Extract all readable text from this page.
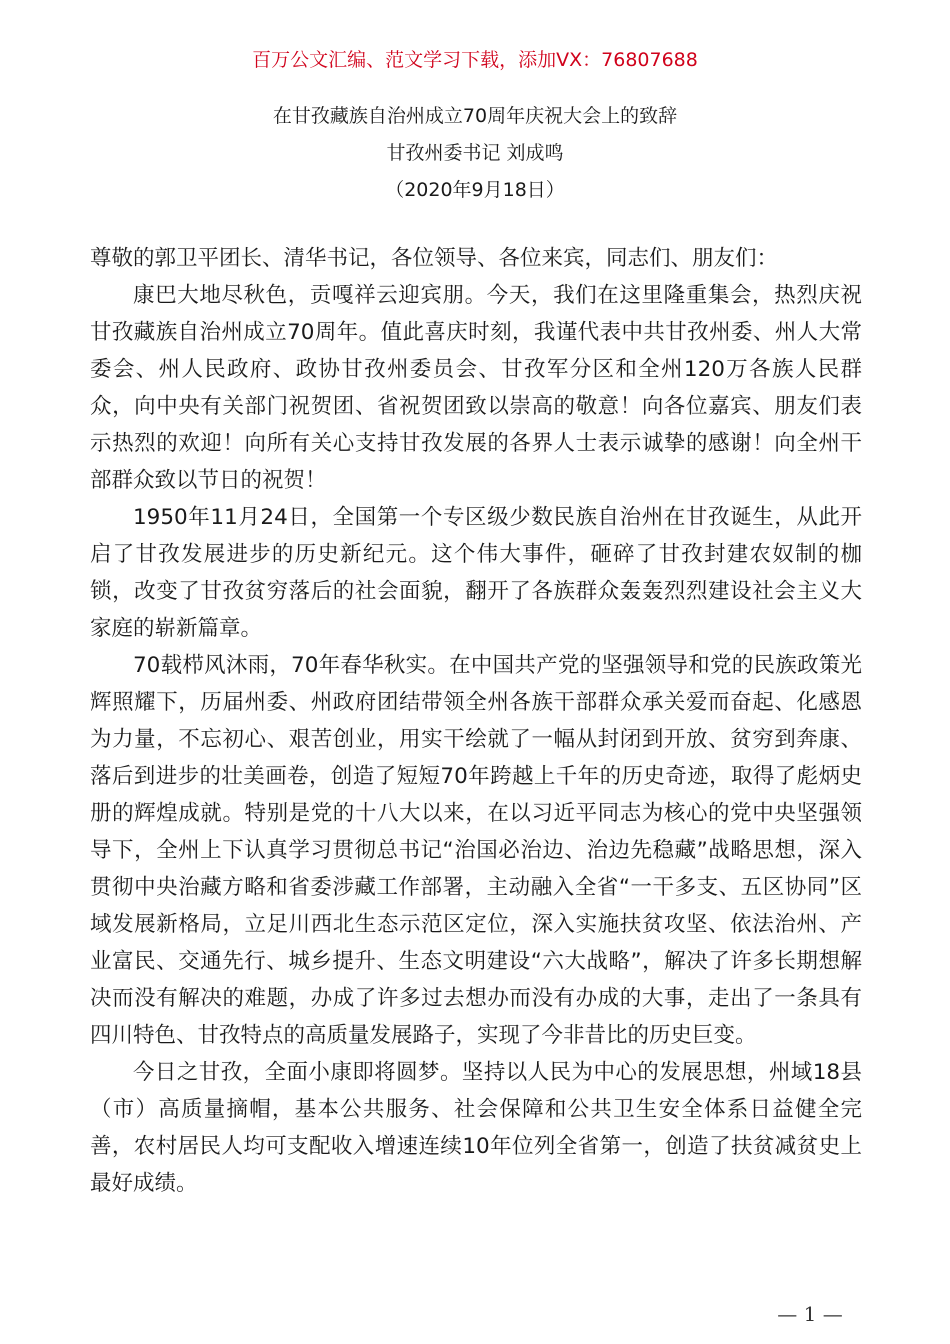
百万公文汇编、范文学习下载，添加VX：76807688
在甘孜藏族自治州成立70周年庆祝大会上的致辞
甘孜州委书记 刘成鸣
（2020年9月18日）

尊敬的郭卫平团长、清华书记，各位领导、各位来宾，同志们、朋友们：

康巴大地尽秋色，贡嘎祥云迎宾朋。今天，我们在这里隆重集会，热烈庆祝甘孜藏族自治州成立70周年。值此喜庆时刻，我谨代表中共甘孜州委、州人大常委会、州人民政府、政协甘孜州委员会、甘孜军分区和全州120万各族人民群众，向中央有关部门祝贺团、省祝贺团致以崇高的敬意！向各位嘉宾、朋友们表示热烈的欢迎！向所有关心支持甘孜发展的各界人士表示诚挚的感谢！向全州干部群众致以节日的祝贺！

1950年11月24日，全国第一个专区级少数民族自治州在甘孜诞生，从此开启了甘孜发展进步的历史新纪元。这个伟大事件，砸碎了甘孜封建农奴制的枷锁，改变了甘孜贫穷落后的社会面貌，翻开了各族群众轰轰烈烈建设社会主义大家庭的崭新篇章。

70载栉风沐雨，70年春华秋实。在中国共产党的坚强领导和党的民族政策光辉照耀下，历届州委、州政府团结带领全州各族干部群众承关爱而奋起、化感恩为力量，不忘初心、艰苦创业，用实干绘就了一幅从封闭到开放、贫穷到奔康、落后到进步的壮美画卷，创造了短短70年跨越上千年的历史奇迹，取得了彪炳史册的辉煌成就。特别是党的十八大以来，在以习近平同志为核心的党中央坚强领导下，全州上下认真学习贯彻总书记“治国必治边、治边先稳藏”战略思想，深入贯彻中央治藏方略和省委涉藏工作部署，主动融入全省“一干多支、五区协同”区域发展新格局，立足川西北生态示范区定位，深入实施扶贫攻坚、依法治州、产业富民、交通先行、城乡提升、生态文明建设“六大战略”，解决了许多长期想解决而没有解决的难题，办成了许多过去想办而没有办成的大事，走出了一条具有四川特色、甘孜特点的高质量发展路子，实现了今非昔比的历史巨变。

今日之甘孜，全面小康即将圆梦。坚持以人民为中心的发展思想，州域18县（市）高质量摘帽，基本公共服务、社会保障和公共卫生安全体系日益健全完善，农村居民人均可支配收入增速连续10年位列全省第一，创造了扶贫减贫史上最好成绩。

— 1 —
